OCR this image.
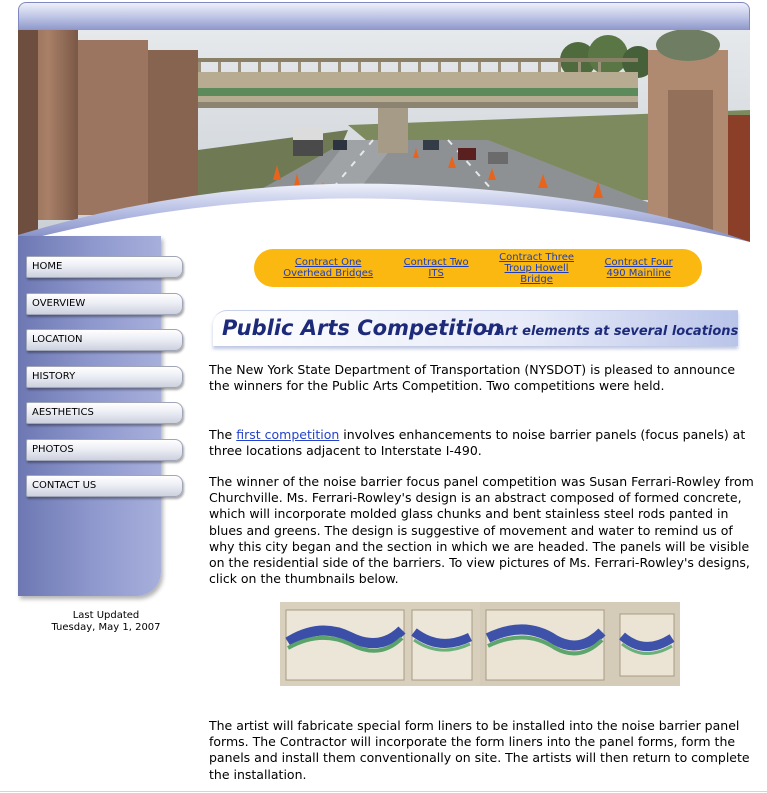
HOME
OVERVIEW
LOCATION
HISTORY
AESTHETICS
PHOTOS
CONTACT US
Last Updated
Tuesday, May 1, 2007
Contract One
Overhead Bridges
Contract Two
ITS
Contract Three
Troup Howell
Bridge
Contract Four
490 Mainline
Public Arts Competition
- Art elements at several locations

The New York State Department of Transportation (NYSDOT) is pleased to announce the winners for the Public Arts Competition. Two competitions were held.

The first competition involves enhancements to noise barrier panels (focus panels) at three locations adjacent to Interstate I-490.

The winner of the noise barrier focus panel competition was Susan Ferrari-Rowley from Churchville. Ms. Ferrari-Rowley's design is an abstract composed of formed concrete, which will incorporate molded glass chunks and bent stainless steel rods panted in blues and greens. The design is suggestive of movement and water to remind us of why this city began and the section in which we are headed. The panels will be visible on the residential side of the barriers. To view pictures of Ms. Ferrari-Rowley's designs, click on the thumbnails below.

The artist will fabricate special form liners to be installed into the noise barrier panel forms. The Contractor will incorporate the form liners into the panel forms, form the panels and install them conventionally on site. The artists will then return to complete the installation.
